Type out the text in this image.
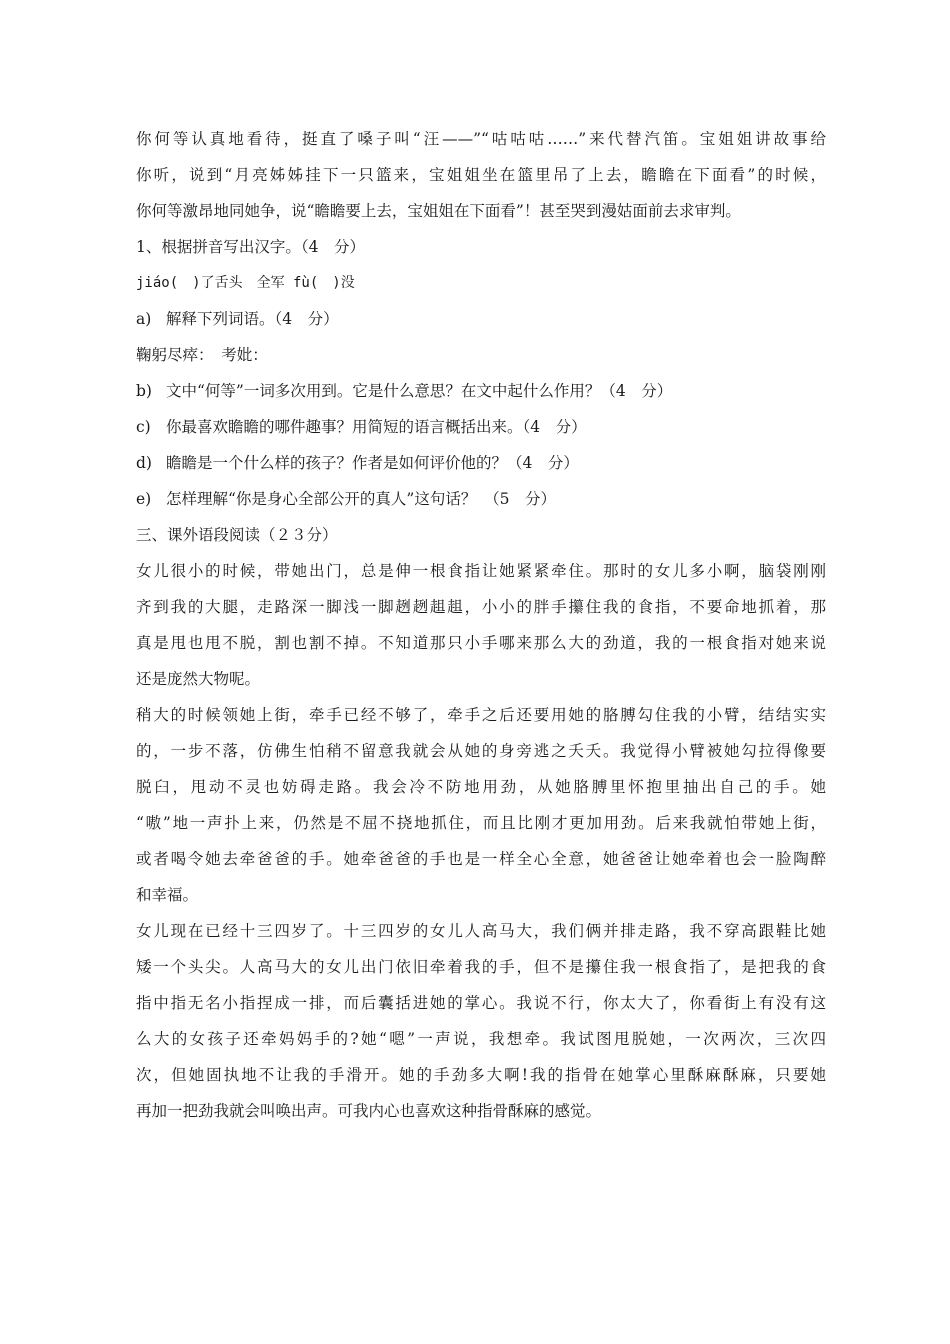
你何等认真地看待，挺直了嗓子叫“汪——”“咕咕咕……”来代替汽笛。宝姐姐讲故事给
你听，说到“月亮姊姊挂下一只篮来，宝姐姐坐在篮里吊了上去，瞻瞻在下面看”的时候，
你何等激昂地同她争，说“瞻瞻要上去，宝姐姐在下面看”！甚至哭到漫姑面前去求审判。
1、根据拼音写出汉字。（4　分）
jiáo(　)了舌头　全军 fù(　)没
a) 解释下列词语。（4　分）
鞠躬尽瘁：　考妣：
b) 文中“何等”一词多次用到。它是什么意思？在文中起什么作用？（4　分）
c) 你最喜欢瞻瞻的哪件趣事？用简短的语言概括出来。（4　分）
d) 瞻瞻是一个什么样的孩子？作者是如何评价他的？（4　分）
e) 怎样理解“你是身心全部公开的真人”这句话？　（5　分）
三、课外语段阅读（２３分）
女儿很小的时候，带她出门，总是伸一根食指让她紧紧牵住。那时的女儿多小啊，脑袋刚刚
齐到我的大腿，走路深一脚浅一脚趔趔趄趄，小小的胖手攥住我的食指，不要命地抓着，那
真是甩也甩不脱，割也割不掉。不知道那只小手哪来那么大的劲道，我的一根食指对她来说
还是庞然大物呢。
稍大的时候领她上街，牵手已经不够了，牵手之后还要用她的胳膊勾住我的小臂，结结实实
的，一步不落，仿佛生怕稍不留意我就会从她的身旁逃之夭夭。我觉得小臂被她勾拉得像要
脱臼，甩动不灵也妨碍走路。我会冷不防地用劲，从她胳膊里怀抱里抽出自己的手。她
“嗷”地一声扑上来，仍然是不屈不挠地抓住，而且比刚才更加用劲。后来我就怕带她上街，
或者喝令她去牵爸爸的手。她牵爸爸的手也是一样全心全意，她爸爸让她牵着也会一脸陶醉
和幸福。
女儿现在已经十三四岁了。十三四岁的女儿人高马大，我们俩并排走路，我不穿高跟鞋比她
矮一个头尖。人高马大的女儿出门依旧牵着我的手，但不是攥住我一根食指了，是把我的食
指中指无名小指捏成一排，而后囊括进她的掌心。我说不行，你太大了，你看街上有没有这
么大的女孩子还牵妈妈手的?她“嗯”一声说，我想牵。我试图甩脱她，一次两次，三次四
次，但她固执地不让我的手滑开。她的手劲多大啊!我的指骨在她掌心里酥麻酥麻，只要她
再加一把劲我就会叫唤出声。可我内心也喜欢这种指骨酥麻的感觉。
